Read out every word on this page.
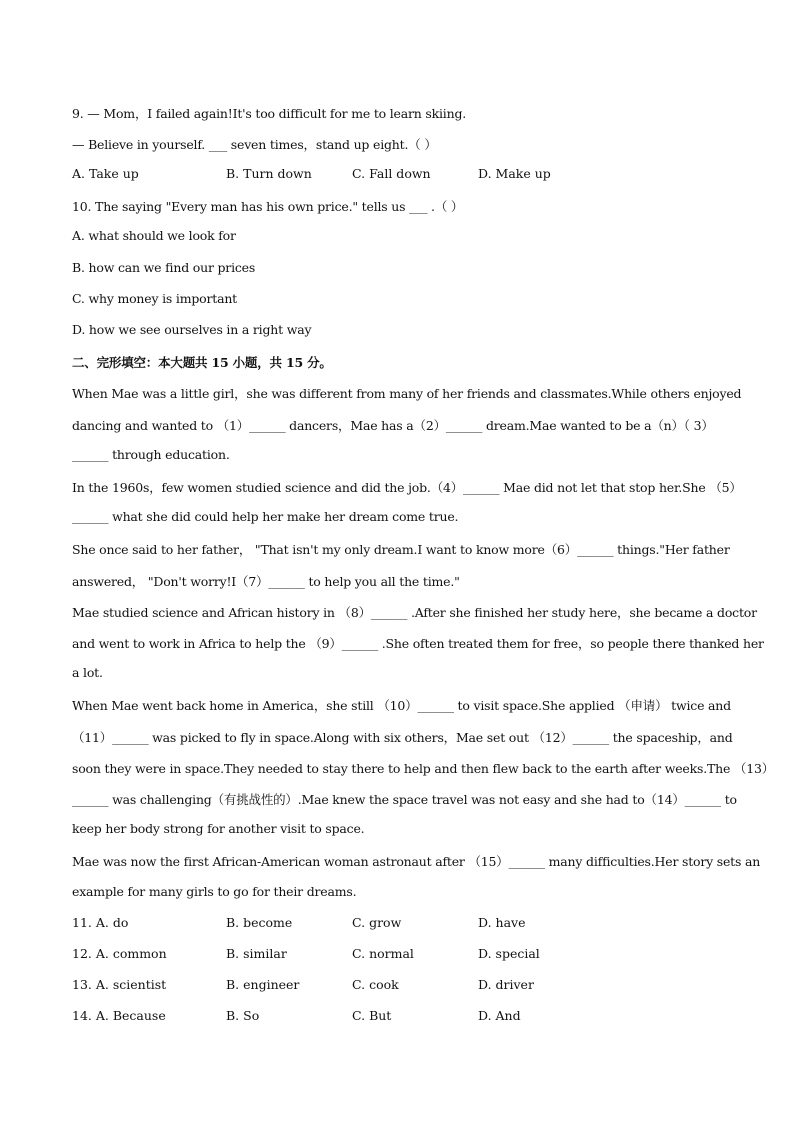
9. — Mom，I failed again!It's too difficult for me to learn skiing.
— Believe in yourself. ___ seven times，stand up eight.（ ）
A. Take up	B. Turn down	C. Fall down	D. Make up
10. The saying "Every man has his own price." tells us ___ .（ ）
A. what should we look for
B. how can we find our prices
C. why money is important
D. how we see ourselves in a right way
二、完形填空：本大题共 15 小题，共 15 分。
When Mae was a little girl，she was different from many of her friends and classmates.While others enjoyed
dancing and wanted to （1）______ dancers，Mae has a（2）______ dream.Mae wanted to be a（n）（ 3）
______ through education.
In the 1960s，few women studied science and did the job.（4）______ Mae did not let that stop her.She （5）
______ what she did could help her make her dream come true.
She once said to her father， "That isn't my only dream.I want to know more（6）______ things."Her father
answered， "Don't worry!I（7）______ to help you all the time."
Mae studied science and African history in （8）______ .After she finished her study here，she became a doctor
and went to work in Africa to help the （9）______ .She often treated them for free，so people there thanked her
a lot.
When Mae went back home in America，she still （10）______ to visit space.She applied （申请） twice and
（11）______ was picked to fly in space.Along with six others，Mae set out （12）______ the spaceship，and
soon they were in space.They needed to stay there to help and then flew back to the earth after weeks.The （13）
______ was challenging（有挑战性的）.Mae knew the space travel was not easy and she had to（14）______ to
keep her body strong for another visit to space.
Mae was now the first African-American woman astronaut after （15）______ many difficulties.Her story sets an
example for many girls to go for their dreams.
11. A. do	B. become	C. grow	D. have
12. A. common	B. similar	C. normal	D. special
13. A. scientist	B. engineer	C. cook	D. driver
14. A. Because	B. So	C. But	D. And
